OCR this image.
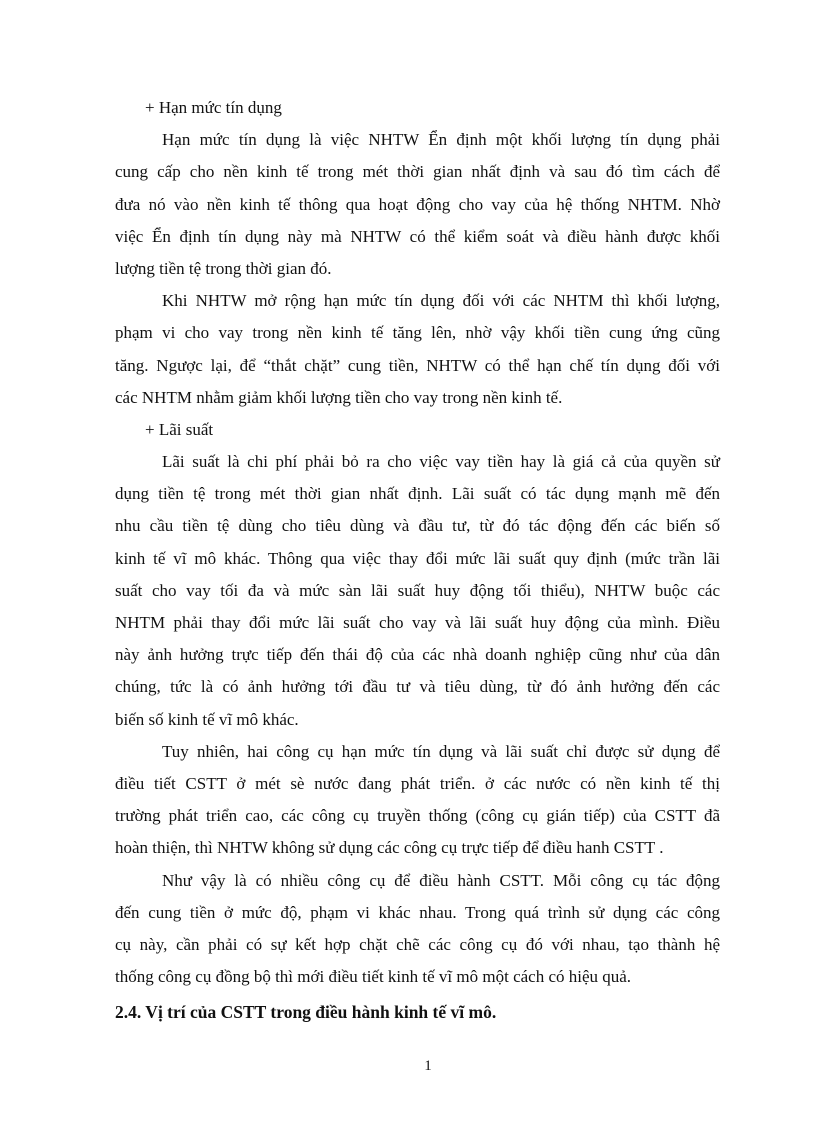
+ Hạn mức tín dụng
Hạn mức tín dụng là việc NHTW Ển định một khối lượng tín dụng phải
cung cấp cho nền kinh tế trong mét thời gian nhất định và sau đó tìm cách để
đưa nó vào nền kinh tế thông qua hoạt động cho vay của hệ thống NHTM. Nhờ
việc Ển định tín dụng này mà NHTW có thể kiểm soát và điều hành được khối
lượng tiền tệ trong thời gian đó.
Khi NHTW mở rộng hạn mức tín dụng đối với các NHTM thì khối lượng,
phạm vi cho vay trong nền kinh tế tăng lên, nhờ vậy khối tiền cung ứng cũng
tăng. Ngược lại, để “thắt chặt” cung tiền, NHTW có thể hạn chế tín dụng đối với
các NHTM nhằm giảm khối lượng tiền cho vay trong nền kinh tế.
+ Lãi suất
Lãi suất là chi phí phải bỏ ra cho việc vay tiền hay là giá cả của quyền sử
dụng tiền tệ trong mét thời gian nhất định. Lãi suất có tác dụng mạnh mẽ đến
nhu cầu tiền tệ dùng cho tiêu dùng và đầu tư, từ đó tác động đến các biến số
kinh tế vĩ mô khác. Thông qua việc thay đổi mức lãi suất quy định (mức trần lãi
suất cho vay tối đa và mức sàn lãi suất huy động tối thiểu), NHTW buộc các
NHTM phải thay đổi mức lãi suất cho vay và lãi suất huy động của mình. Điều
này ảnh hưởng trực tiếp đến thái độ của các nhà doanh nghiệp cũng như của dân
chúng, tức là có ảnh hưởng tới đầu tư và tiêu dùng, từ đó ảnh hưởng đến các
biến số kinh tế vĩ mô khác.
Tuy nhiên, hai công cụ hạn mức tín dụng và lãi suất chỉ được sử dụng để
điều tiết CSTT ở mét sè nước đang phát triển. ở các nước có nền kinh tế thị
trường phát triển cao, các công cụ truyền thống (công cụ gián tiếp) của CSTT đã
hoàn thiện, thì NHTW không sử dụng các công cụ trực tiếp để điều hanh CSTT .
Như vậy là có nhiều công cụ để điều hành CSTT. Mỗi công cụ tác động
đến cung tiền ở mức độ, phạm vi khác nhau. Trong quá trình sử dụng các công
cụ này, cần phải có sự kết hợp chặt chẽ các công cụ đó với nhau, tạo thành hệ
thống công cụ đồng bộ thì mới điều tiết kinh tế vĩ mô một cách có hiệu quả.
2.4. Vị trí của CSTT trong điều hành kinh tế vĩ mô.
1
